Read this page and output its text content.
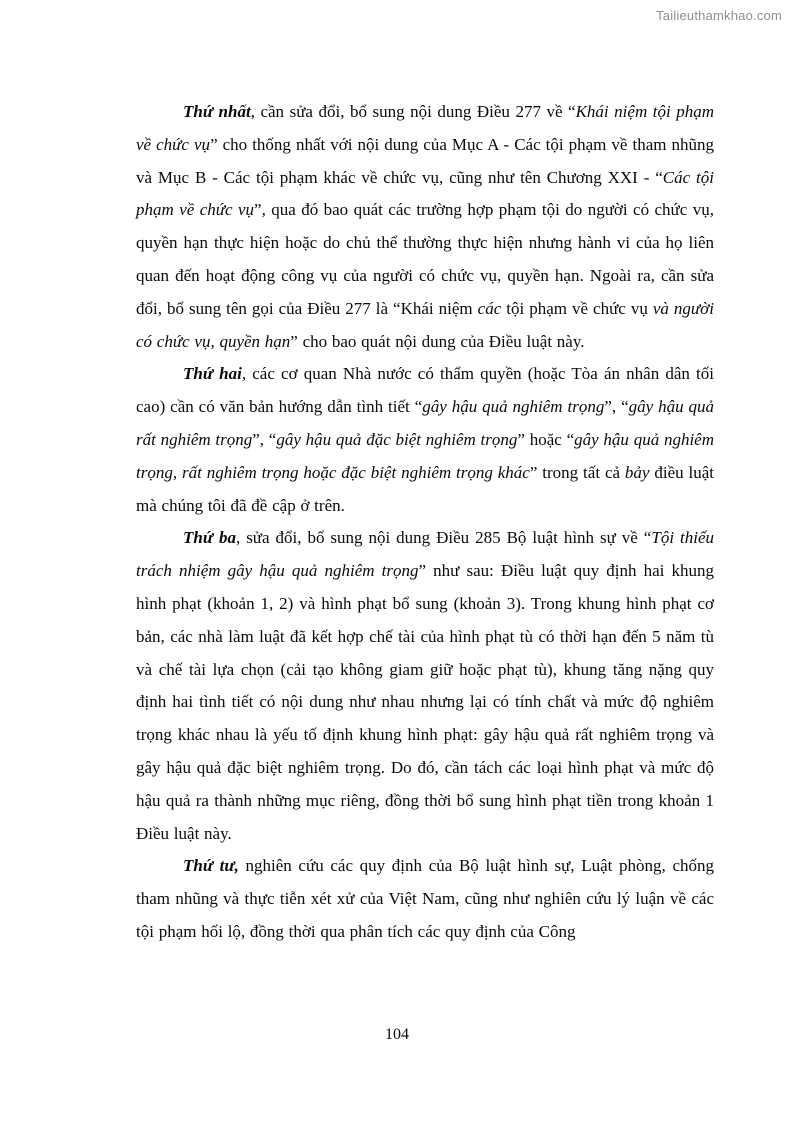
Tailieuthamkhao.com

Thứ nhất, cần sửa đổi, bổ sung nội dung Điều 277 về “Khái niệm tội phạm về chức vụ” cho thống nhất với nội dung của Mục A - Các tội phạm về tham nhũng và Mục B - Các tội phạm khác về chức vụ, cũng như tên Chương XXI - “Các tội phạm về chức vụ”, qua đó bao quát các trường hợp phạm tội do người có chức vụ, quyền hạn thực hiện hoặc do chủ thể thường thực hiện nhưng hành vi của họ liên quan đến hoạt động công vụ của người có chức vụ, quyền hạn. Ngoài ra, cần sửa đổi, bổ sung tên gọi của Điều 277 là “Khái niệm các tội phạm về chức vụ và người có chức vụ, quyền hạn” cho bao quát nội dung của Điều luật này.

Thứ hai, các cơ quan Nhà nước có thẩm quyền (hoặc Tòa án nhân dân tối cao) cần có văn bản hướng dẫn tình tiết “gây hậu quả nghiêm trọng”, “gây hậu quả rất nghiêm trọng”, “gây hậu quả đặc biệt nghiêm trọng” hoặc “gây hậu quả nghiêm trọng, rất nghiêm trọng hoặc đặc biệt nghiêm trọng khác” trong tất cả bảy điều luật mà chúng tôi đã đề cập ở trên.

Thứ ba, sửa đổi, bổ sung nội dung Điều 285 Bộ luật hình sự về “Tội thiếu trách nhiệm gây hậu quả nghiêm trọng” như sau: Điều luật quy định hai khung hình phạt (khoản 1, 2) và hình phạt bổ sung (khoản 3). Trong khung hình phạt cơ bản, các nhà làm luật đã kết hợp chế tài của hình phạt tù có thời hạn đến 5 năm tù và chế tài lựa chọn (cải tạo không giam giữ hoặc phạt tù), khung tăng nặng quy định hai tình tiết có nội dung như nhau nhưng lại có tính chất và mức độ nghiêm trọng khác nhau là yếu tố định khung hình phạt: gây hậu quả rất nghiêm trọng và gây hậu quả đặc biệt nghiêm trọng. Do đó, cần tách các loại hình phạt và mức độ hậu quả ra thành những mục riêng, đồng thời bổ sung hình phạt tiền trong khoản 1 Điều luật này.

Thứ tư, nghiên cứu các quy định của Bộ luật hình sự, Luật phòng, chống tham nhũng và thực tiễn xét xử của Việt Nam, cũng như nghiên cứu lý luận về các tội phạm hối lộ, đồng thời qua phân tích các quy định của Công

104
